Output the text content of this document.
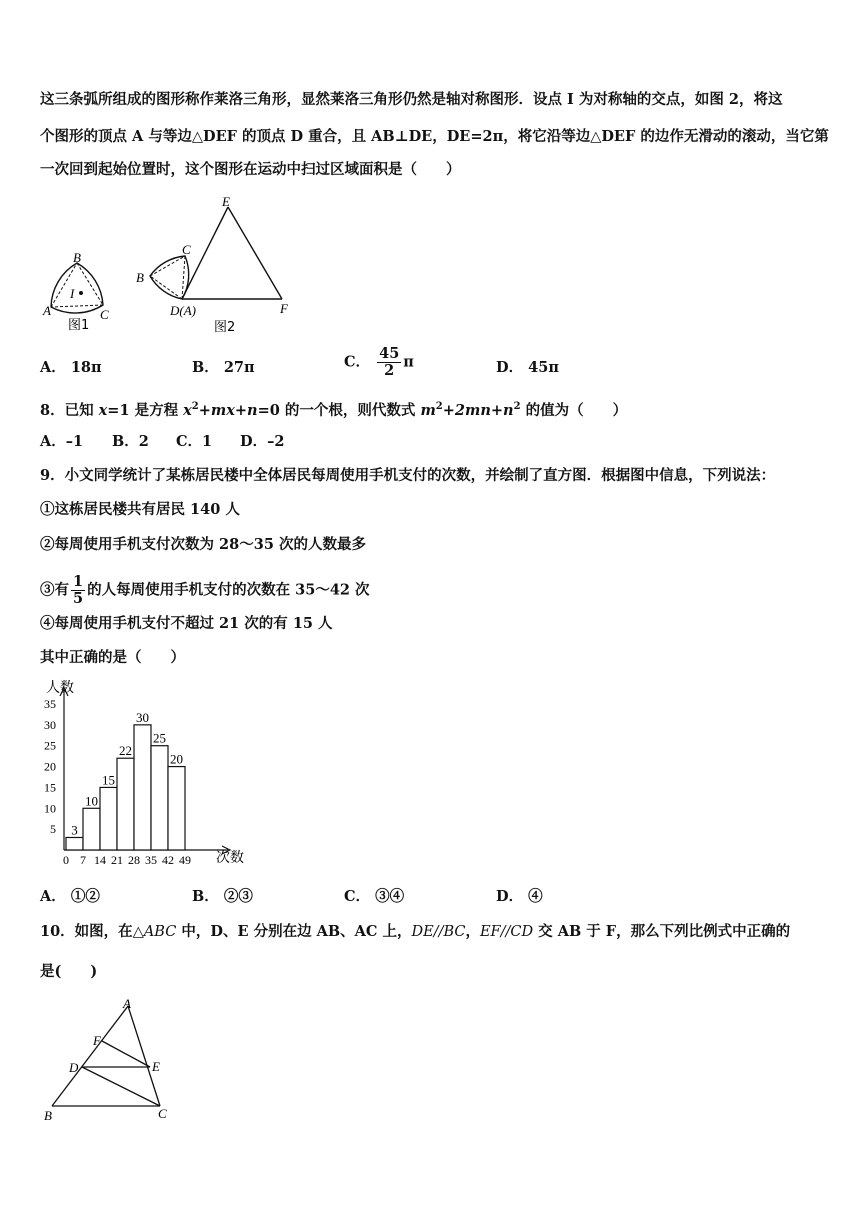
这三条弧所组成的图形称作莱洛三角形，显然莱洛三角形仍然是轴对称图形．设点 I 为对称轴的交点，如图 2，将这
个图形的顶点 A 与等边△DEF 的顶点 D 重合，且 AB⊥DE，DE=2π，将它沿等边△DEF 的边作无滑动的滚动，当它第
一次回到起始位置时，这个图形在运动中扫过区域面积是（　　）
B
I
A	C
图1
E
C
B
D(A)	F
图2
A． 18π	B． 27π	C． $\frac{45}{2}$ π	D． 45π
8．已知 x=1 是方程 $x^2+mx+n=0$ 的一个根，则代数式 $m^2+2mn+n^2$ 的值为（　　）
A．–1 B．2 C．1 D．–2
9．小文同学统计了某栋居民楼中全体居民每周使用手机支付的次数，并绘制了直方图．根据图中信息，下列说法：
①这栋居民楼共有居民 140 人
②每周使用手机支付次数为 28～35 次的人数最多
③有 $\frac{1}{5}$ 的人每周使用手机支付的次数在 35～42 次
④每周使用手机支付不超过 21 次的有 15 人
其中正确的是（　　）
人数
次数
5
10
15
20
25
30
35
0 7 14 21 28 35 42 49
3
10
15
22
30
25
20
A． ①②	B． ②③	C． ③④	D． ④
10．如图，在△ABC 中，D、E 分别在边 AB、AC 上，DE//BC，EF//CD 交 AB 于 F，那么下列比例式中正确的
是(　　)
A
F
D	E
B	C
